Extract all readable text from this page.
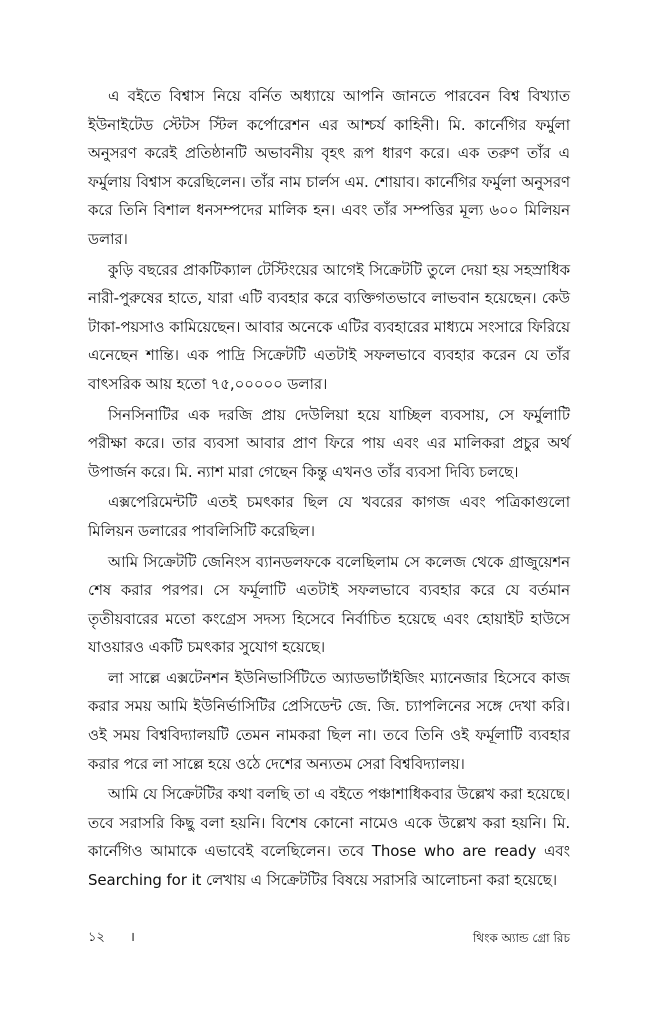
এ বইতে বিশ্বাস নিয়ে বর্নিত অধ্যায়ে আপনি জানতে পারবেন বিশ্ব বিখ্যাত ইউনাইটেড স্টেটস স্টিল কর্পোরেশন এর আশ্চর্য কাহিনী। মি. কার্নেগির ফর্মুলা অনুসরণ করেই প্রতিষ্ঠানটি অভাবনীয় বৃহৎ রূপ ধারণ করে। এক তরুণ তাঁর এ ফর্মুলায় বিশ্বাস করেছিলেন। তাঁর নাম চার্লস এম. শোয়াব। কার্নেগির ফর্মুলা অনুসরণ করে তিনি বিশাল ধনসম্পদের মালিক হন। এবং তাঁর সম্পত্তির মূল্য ৬০০ মিলিয়ন ডলার।

কুড়ি বছরের প্রাকটিক্যাল টেস্টিংয়ের আগেই সিক্রেটটি তুলে দেয়া হয় সহস্রাধিক নারী-পুরুষের হাতে, যারা এটি ব্যবহার করে ব্যক্তিগতভাবে লাভবান হয়েছেন। কেউ টাকা-পয়সাও কামিয়েছেন। আবার অনেকে এটির ব্যবহারের মাধ্যমে সংসারে ফিরিয়ে এনেছেন শান্তি। এক পাদ্রি সিক্রেটটি এতটাই সফলভাবে ব্যবহার করেন যে তাঁর বাৎসরিক আয় হতো ৭৫,০০০০০ ডলার।

সিনসিনাটির এক দরজি প্রায় দেউলিয়া হয়ে যাচ্ছিল ব্যবসায়, সে ফর্মুলাটি পরীক্ষা করে। তার ব্যবসা আবার প্রাণ ফিরে পায় এবং এর মালিকরা প্রচুর অর্থ উপার্জন করে। মি. ন্যাশ মারা গেছেন কিন্তু এখনও তাঁর ব্যবসা দিব্যি চলছে।

এক্সপেরিমেন্টটি এতই চমৎকার ছিল যে খবরের কাগজ এবং পত্রিকাগুলো মিলিয়ন ডলারের পাবলিসিটি করেছিল।

আমি সিক্রেটটি জেনিংস ব্যানডলফকে বলেছিলাম সে কলেজ থেকে গ্রাজুয়েশন শেষ করার পরপর। সে ফর্মূলাটি এতটাই সফলভাবে ব্যবহার করে যে বর্তমান তৃতীয়বারের মতো কংগ্রেস সদস্য হিসেবে নির্বাচিত হয়েছে এবং হোয়াইট হাউসে যাওয়ারও একটি চমৎকার সুযোগ হয়েছে।

লা সাল্লে এক্সটেনশন ইউনিভার্সিটিতে অ্যাডভার্টাইজিং ম্যানেজার হিসেবে কাজ করার সময় আমি ইউনির্ভাসিটির প্রেসিডেন্ট জে. জি. চ্যাপলিনের সঙ্গে দেখা করি। ওই সময় বিশ্ববিদ্যালয়টি তেমন নামকরা ছিল না। তবে তিনি ওই ফর্মূলাটি ব্যবহার করার পরে লা সাল্লে হয়ে ওঠে দেশের অন্যতম সেরা বিশ্ববিদ্যালয়।

আমি যে সিক্রেটটির কথা বলছি তা এ বইতে পঞ্চাশাধিকবার উল্লেখ করা হয়েছে। তবে সরাসরি কিছু বলা হয়নি। বিশেষ কোনো নামেও একে উল্লেখ করা হয়নি। মি. কার্নেগিও আমাকে এভাবেই বলেছিলেন। তবে Those who are ready এবং Searching for it লেখায় এ সিক্রেটটির বিষয়ে সরাসরি আলোচনা করা হয়েছে।

১২ ।	থিংক অ্যান্ড গ্রো রিচ
